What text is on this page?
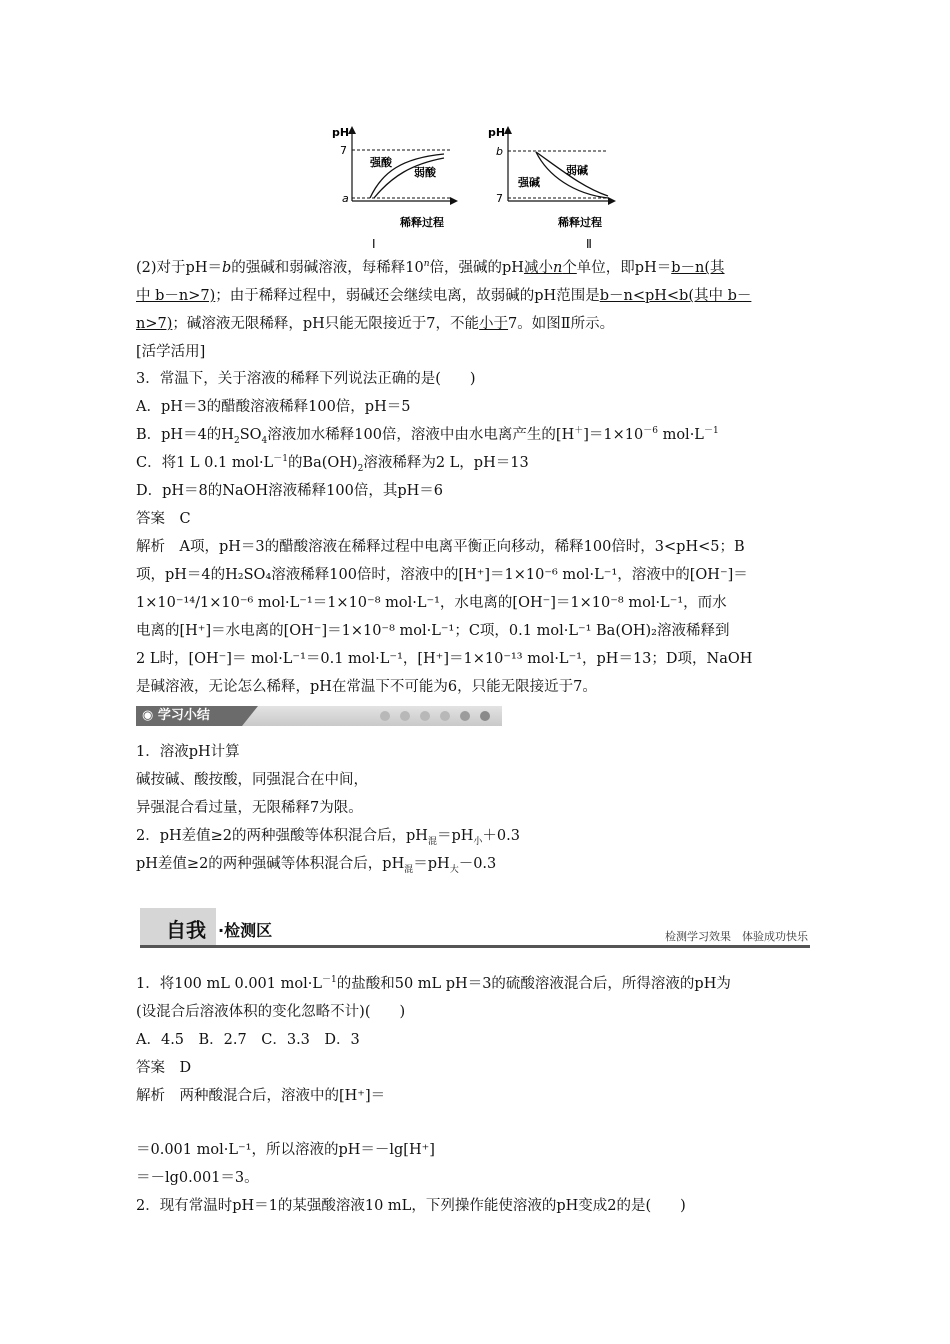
pH
7
a
强酸
弱酸
稀释过程
Ⅰ
pH
b
7
强碱
弱碱
稀释过程
Ⅱ
(2)对于pH＝b的强碱和弱碱溶液，每稀释10$^n$倍，强碱的pH减小n个单位，即pH＝b－n(其
中 b－n>7)；由于稀释过程中，弱碱还会继续电离，故弱碱的pH范围是b－n<pH<b(其中 b－
n>7)；碱溶液无限稀释，pH只能无限接近于7，不能小于7。如图Ⅱ所示。
[活学活用]
3．常温下，关于溶液的稀释下列说法正确的是(　　)
A．pH＝3的醋酸溶液稀释100倍，pH＝5
B．pH＝4的$H_2SO_4$溶液加水稀释100倍，溶液中由水电离产生的$[H^+]=1\times 10^{-6}$ $mol\cdot L^{-1}$
C．将1 L 0.1 $mol\cdot L^{-1}$的$Ba(OH)_2$溶液稀释为2 L，pH＝13
D．pH＝8的NaOH溶液稀释100倍，其pH＝6
答案　C
解析　A项，pH＝3的醋酸溶液在稀释过程中电离平衡正向移动，稀释100倍时，3<pH<5；B
项，pH＝4的H₂SO₄溶液稀释100倍时，溶液中的[H⁺]＝1×10⁻⁶ mol·L⁻¹，溶液中的[OH⁻]＝
1×10⁻¹⁴/1×10⁻⁶ mol·L⁻¹＝1×10⁻⁸ mol·L⁻¹，水电离的[OH⁻]＝1×10⁻⁸ mol·L⁻¹，而水
电离的[H⁺]＝水电离的[OH⁻]＝1×10⁻⁸ mol·L⁻¹；C项，0.1 mol·L⁻¹ Ba(OH)₂溶液稀释到
2 L时，[OH⁻]＝ mol·L⁻¹＝0.1 mol·L⁻¹，[H⁺]＝1×10⁻¹³ mol·L⁻¹，pH＝13；D项，NaOH
是碱溶液，无论怎么稀释，pH在常温下不可能为6，只能无限接近于7。
◉ 学习小结
1．溶液pH计算
碱按碱、酸按酸，同强混合在中间，
异强混合看过量，无限稀释7为限。
2．pH差值≥2的两种强酸等体积混合后，$pH_混=pH_小+0.3$
pH差值≥2的两种强碱等体积混合后，$pH_混=pH_大-0.3$
自我 ·检测区	检测学习效果　体验成功快乐
1．将100 mL 0.001 $mol\cdot L^{-1}$的盐酸和50 mL pH＝3的硫酸溶液混合后，所得溶液的pH为
(设混合后溶液体积的变化忽略不计)(　　)
A．4.5　B．2.7　C．3.3　D．3
答案　D
解析　两种酸混合后，溶液中的[H⁺]＝
＝0.001 mol·L⁻¹，所以溶液的pH＝－lg[H⁺]
＝－lg0.001＝3。
2．现有常温时pH＝1的某强酸溶液10 mL，下列操作能使溶液的pH变成2的是(　　)
